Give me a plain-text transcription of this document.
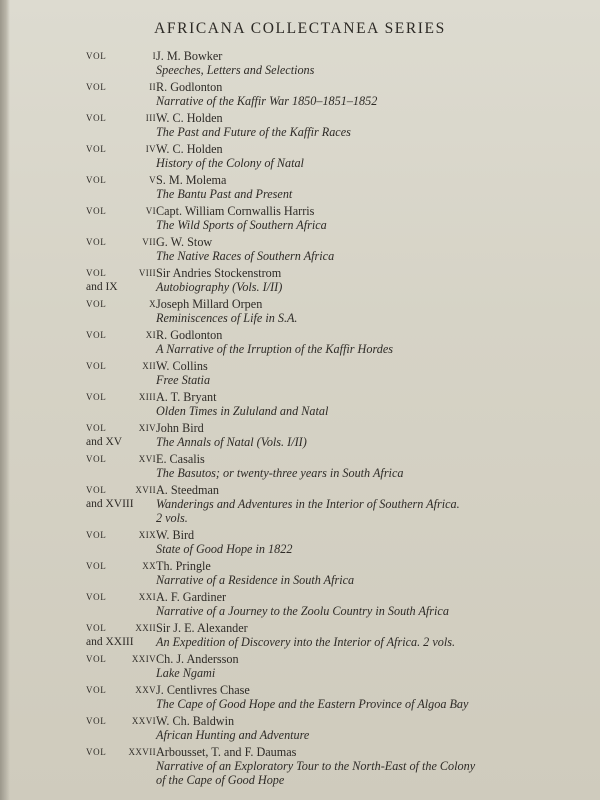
AFRICANA COLLECTANEA SERIES
VOL	I J. M. Bowker
Speeches, Letters and Selections
VOL	II R. Godlonton
Narrative of the Kaffir War 1850–1851–1852
VOL	III W. C. Holden
The Past and Future of the Kaffir Races
VOL	IV W. C. Holden
History of the Colony of Natal
VOL	V S. M. Molema
The Bantu Past and Present
VOL	VI Capt. William Cornwallis Harris
The Wild Sports of Southern Africa
VOL	VII G. W. Stow
The Native Races of Southern Africa
VOL	VIII Sir Andries Stockenstrom
and IX	Autobiography (Vols. I/II)
VOL	X Joseph Millard Orpen
Reminiscences of Life in S.A.
VOL	XI R. Godlonton
A Narrative of the Irruption of the Kaffir Hordes
VOL	XII W. Collins
Free Statia
VOL	XIII A. T. Bryant
Olden Times in Zululand and Natal
VOL	XIV John Bird
and XV	The Annals of Natal (Vols. I/II)
VOL	XVI E. Casalis
The Basutos; or twenty-three years in South Africa
VOL	XVII A. Steedman
and XVIII Wanderings and Adventures in the Interior of Southern Africa.
2 vols.
VOL	XIX W. Bird
State of Good Hope in 1822
VOL	XX Th. Pringle
Narrative of a Residence in South Africa
VOL	XXI A. F. Gardiner
Narrative of a Journey to the Zoolu Country in South Africa
VOL	XXII Sir J. E. Alexander
and XXIII An Expedition of Discovery into the Interior of Africa. 2 vols.
VOL	XXIV Ch. J. Andersson
Lake Ngami
VOL	XXV J. Centlivres Chase
The Cape of Good Hope and the Eastern Province of Algoa Bay
VOL	XXVI W. Ch. Baldwin
African Hunting and Adventure
VOL XXVII Arbousset, T. and F. Daumas
Narrative of an Exploratory Tour to the North-East of the Colony
of the Cape of Good Hope
